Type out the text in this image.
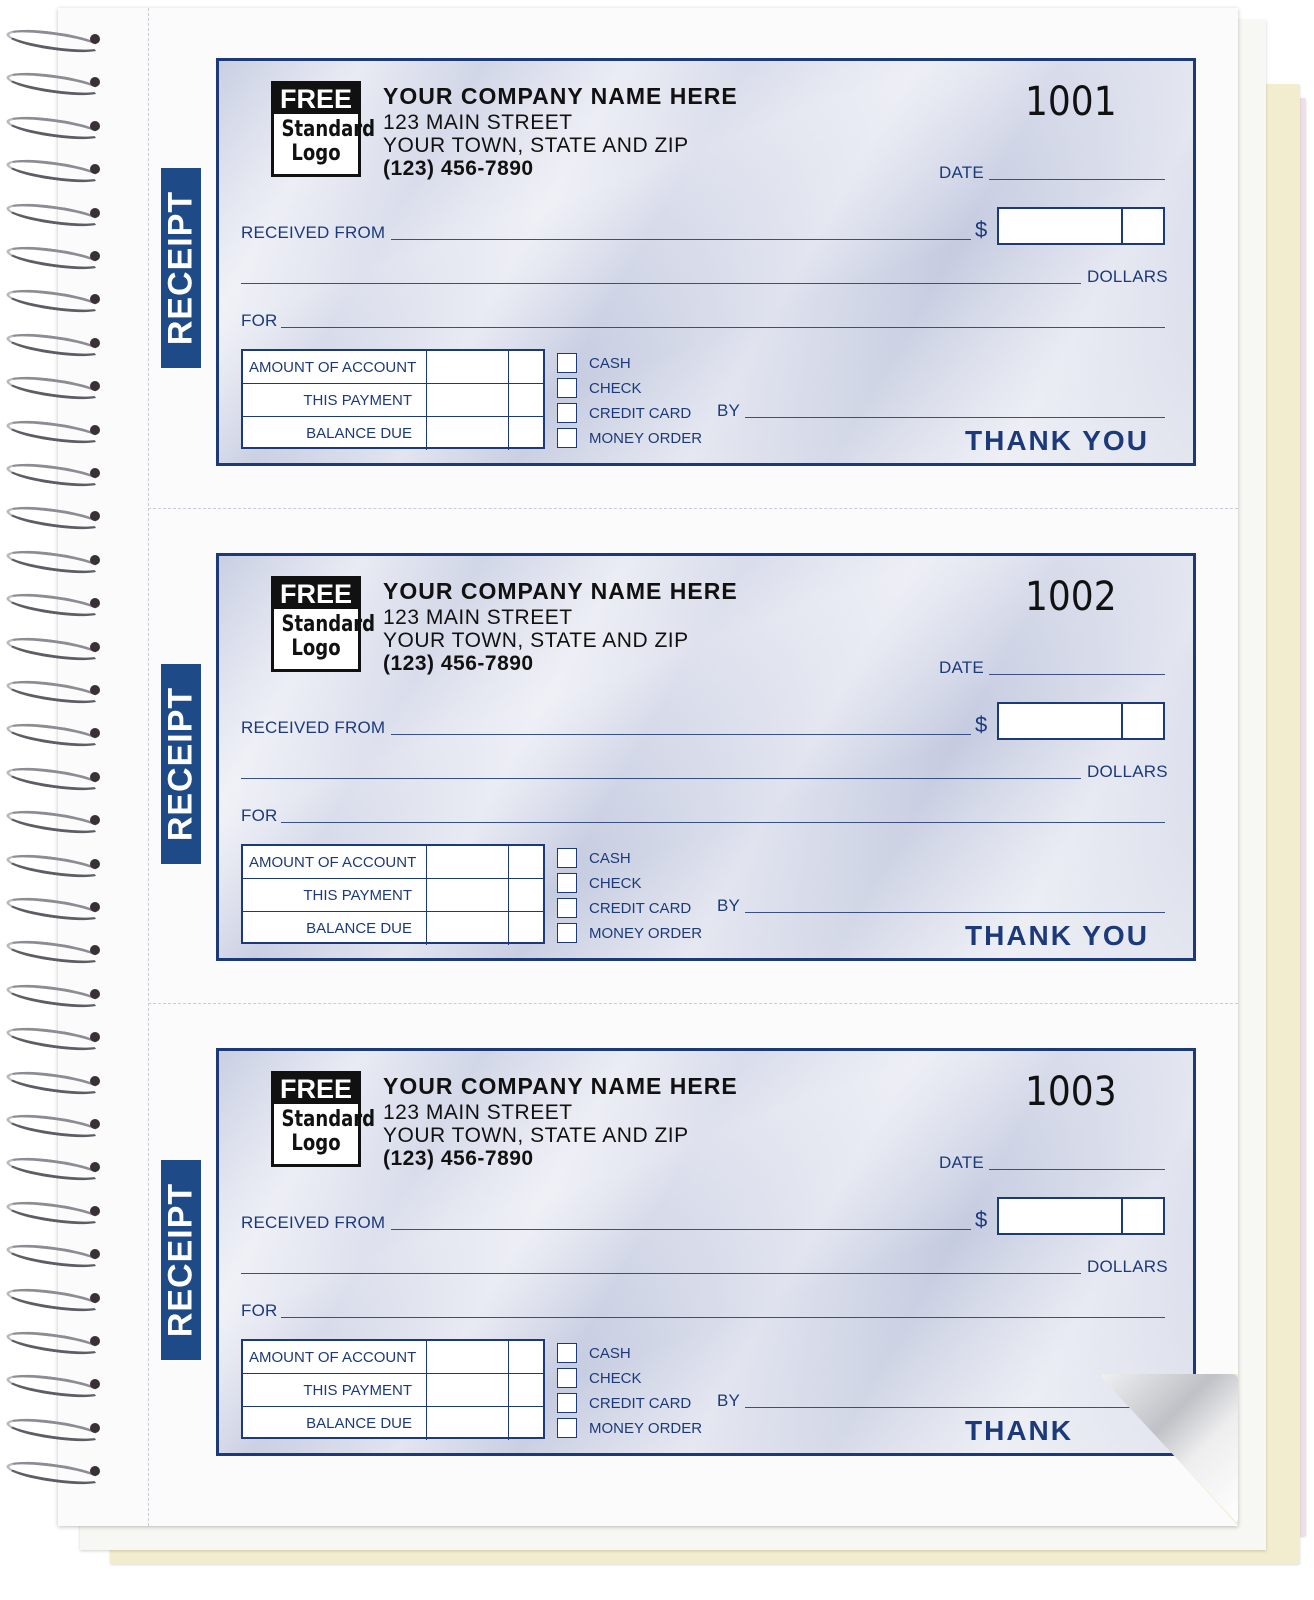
RECEIPT
FREE
Standard
Logo
YOUR COMPANY NAME HERE
123 MAIN STREET
YOUR TOWN, STATE AND ZIP
(123) 456-7890
1001
DATE
RECEIVED FROM	$
DOLLARS
FOR
AMOUNT OF ACCOUNT
THIS PAYMENT
BALANCE DUE
CASH
CHECK
CREDIT CARD
MONEY ORDER
BY
THANK YOU
RECEIPT
FREE
Standard
Logo
YOUR COMPANY NAME HERE
123 MAIN STREET
YOUR TOWN, STATE AND ZIP
(123) 456-7890
1002
DATE
RECEIVED FROM	$
DOLLARS
FOR
AMOUNT OF ACCOUNT
THIS PAYMENT
BALANCE DUE
CASH
CHECK
CREDIT CARD
MONEY ORDER
BY
THANK YOU
RECEIPT
FREE
Standard
Logo
YOUR COMPANY NAME HERE
123 MAIN STREET
YOUR TOWN, STATE AND ZIP
(123) 456-7890
1003
DATE
RECEIVED FROM	$
DOLLARS
FOR
AMOUNT OF ACCOUNT
THIS PAYMENT
BALANCE DUE
CASH
CHECK
CREDIT CARD
MONEY ORDER
BY
THANK
